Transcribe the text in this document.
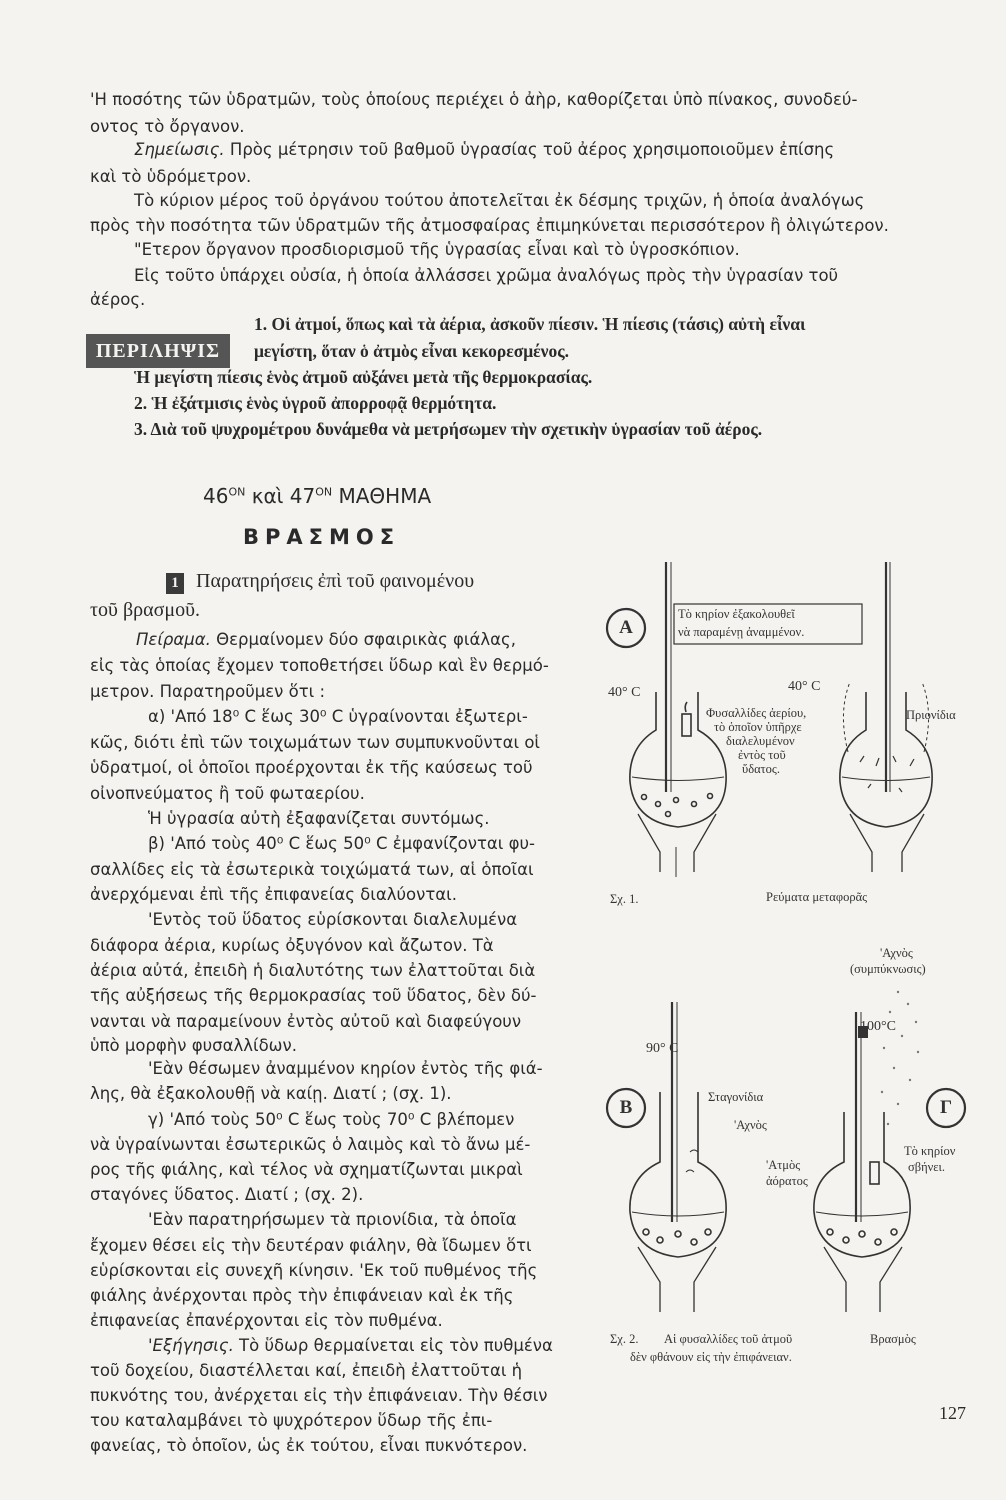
'Η ποσότης τῶν ὑδρατμῶν, τοὺς ὁποίους περιέχει ὁ ἀὴρ, καθορίζεται ὑπὸ πίνακος, συνοδεύ-
οντος τὸ ὄργανον.
Σημείωσις. Πρὸς μέτρησιν τοῦ βαθμοῦ ὑγρασίας τοῦ ἀέρος χρησιμοποιοῦμεν ἐπίσης
καὶ τὸ ὑδρόμετρον.
Τὸ κύριον μέρος τοῦ ὀργάνου τούτου ἀποτελεῖται ἐκ δέσμης τριχῶν, ἡ ὁποία ἀναλόγως
πρὸς τὴν ποσότητα τῶν ὑδρατμῶν τῆς ἀτμοσφαίρας ἐπιμηκύνεται περισσότερον ἢ ὀλιγώτερον.
"Ετερον ὄργανον προσδιορισμοῦ τῆς ὑγρασίας εἶναι καὶ τὸ ὑγροσκόπιον.
Εἰς τοῦτο ὑπάρχει οὐσία, ἡ ὁποία ἀλλάσσει χρῶμα ἀναλόγως πρὸς τὴν ὑγρασίαν τοῦ
ἀέρος.
ΠΕΡΙΛΗΨΙΣ
1. Οἱ ἀτμοί, ὅπως καὶ τὰ ἀέρια, ἀσκοῦν πίεσιν. Ἡ πίεσις (τάσις) αὐτὴ εἶναι
μεγίστη, ὅταν ὁ ἀτμὸς εἶναι κεκορεσμένος.
Ἡ μεγίστη πίεσις ἑνὸς ἀτμοῦ αὐξάνει μετὰ τῆς θερμοκρασίας.
2. Ἡ ἐξάτμισις ἑνὸς ὑγροῦ ἀπορροφᾷ θερμότητα.
3. Διὰ τοῦ ψυχρομέτρου δυνάμεθα νὰ μετρήσωμεν τὴν σχετικὴν ὑγρασίαν τοῦ ἀέρος.
$46^{ON}$ καὶ $47^{ON}$ ΜΑΘΗΜΑ
ΒΡΑΣΜΟΣ
1 Παρατηρήσεις ἐπὶ τοῦ φαινομένου
τοῦ βρασμοῦ.
Πείραμα. Θερμαίνομεν δύο σφαιρικὰς φιάλας,
εἰς τὰς ὁποίας ἔχομεν τοποθετήσει ὕδωρ καὶ ἓν θερμό-
μετρον. Παρατηροῦμεν ὅτι :
α) 'Από 18⁰ C ἕως 30⁰ C ὑγραίνονται ἐξωτερι-
κῶς, διότι ἐπὶ τῶν τοιχωμάτων των συμπυκνοῦνται οἱ
ὑδρατμοί, οἱ ὁποῖοι προέρχονται ἐκ τῆς καύσεως τοῦ
οἰνοπνεύματος ἢ τοῦ φωταερίου.
Ἡ ὑγρασία αὐτὴ ἐξαφανίζεται συντόμως.
β) 'Από τοὺς 40⁰ C ἕως 50⁰ C ἐμφανίζονται φυ-
σαλλίδες εἰς τὰ ἐσωτερικὰ τοιχώματά των, αἱ ὁποῖαι
ἀνερχόμεναι ἐπὶ τῆς ἐπιφανείας διαλύονται.
'Εντὸς τοῦ ὕδατος εὑρίσκονται διαλελυμένα
διάφορα ἀέρια, κυρίως ὀξυγόνον καὶ ἄζωτον. Τὰ
ἀέρια αὐτά, ἐπειδὴ ἡ διαλυτότης των ἐλαττοῦται διὰ
τῆς αὐξήσεως τῆς θερμοκρασίας τοῦ ὕδατος, δὲν δύ-
νανται νὰ παραμείνουν ἐντὸς αὐτοῦ καὶ διαφεύγουν
ὑπὸ μορφὴν φυσαλλίδων.
'Εὰν θέσωμεν ἀναμμένον κηρίον ἐντὸς τῆς φιά-
λης, θὰ ἐξακολουθῇ νὰ καίῃ. Διατί ; (σχ. 1).
γ) 'Από τοὺς 50⁰ C ἕως τοὺς 70⁰ C βλέπομεν
νὰ ὑγραίνωνται ἐσωτερικῶς ὁ λαιμὸς καὶ τὸ ἄνω μέ-
ρος τῆς φιάλης, καὶ τέλος νὰ σχηματίζωνται μικραὶ
σταγόνες ὕδατος. Διατί ; (σχ. 2).
'Εὰν παρατηρήσωμεν τὰ πριονίδια, τὰ ὁποῖα
ἔχομεν θέσει εἰς τὴν δευτέραν φιάλην, θὰ ἴδωμεν ὅτι
εὑρίσκονται εἰς συνεχῆ κίνησιν. 'Εκ τοῦ πυθμένος τῆς
φιάλης ἀνέρχονται πρὸς τὴν ἐπιφάνειαν καὶ ἐκ τῆς
ἐπιφανείας ἐπανέρχονται εἰς τὸν πυθμένα.
'Εξήγησις. Τὸ ὕδωρ θερμαίνεται εἰς τὸν πυθμένα
τοῦ δοχείου, διαστέλλεται καί, ἐπειδὴ ἐλαττοῦται ἡ
πυκνότης του, ἀνέρχεται εἰς τὴν ἐπιφάνειαν. Τὴν θέσιν
του καταλαμβάνει τὸ ψυχρότερον ὕδωρ τῆς ἐπι-
φανείας, τὸ ὁποῖον, ὡς ἐκ τούτου, εἶναι πυκνότερον.
Α
Β	Γ
Τὸ κηρίον ἐξακολουθεῖ
νὰ παραμένῃ ἀναμμένον.
40° C	40° C
Φυσαλλίδες ἀερίου,
τὸ ὁποῖον ὑπῆρχε
διαλελυμένον
ἐντὸς τοῦ
ὕδατος.
Πριονίδια
Σχ. 1.	Ρεύματα μεταφορᾶς
'Αχνὸς
(συμπύκνωσις)
100°C
90° C
Σταγονίδια
'Αχνὸς
'Ατμὸς
ἀόρατος
Τὸ κηρίον
σβήνει.
Σχ. 2. Αἱ φυσαλλίδες τοῦ ἀτμοῦ
δὲν φθάνουν εἰς τὴν ἐπιφάνειαν.
Βρασμὸς
127
